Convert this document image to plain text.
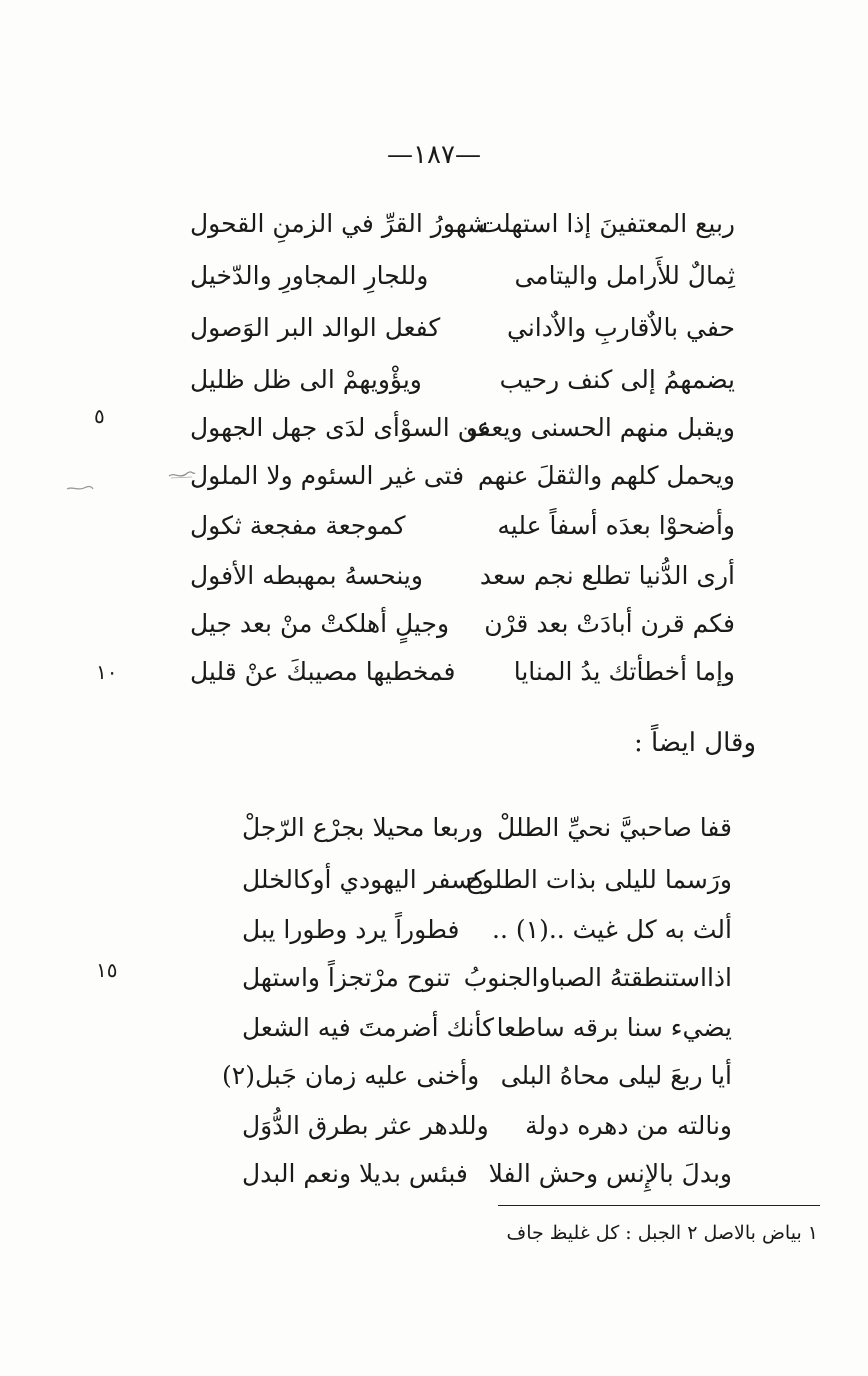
—١٨٧—
ربيع المعتفينَ إذا استهلت
شهورُ القرِّ في الزمنِ القحول
ثِمالٌ للأَرامل واليتامى
وللجارِ المجاورِ والدّخيل
حفي بالاٌقاربِ والاٌداني
كفعل الوالد البر الوَصول
يضمهمُ إلى كنف رحيب
ويؤْويهمْ الى ظل ظليل
ويقبل منهم الحسنى ويعفو
عن السوْأى لدَى جهل الجهول
ويحمل كلهم والثقلَ عنهم
فتى غير السئوم ولا الملول
وأضحوْا بعدَه أسفاً عليه
كموجعة مفجعة ثكول
أرى الدُّنيا تطلع نجم سعد
وينحسهُ بمهبطه الأفول
فكم قرن أبادَتْ بعد قرْن
وجيلٍ أهلكتْ منْ بعد جيل
وإما أخطأتك يدُ المنايا
فمخطيها مصيبكَ عنْ قليل
٥
١٠
١٥
وقال ايضاً :
قفا صاحبيَّ نحيِّ الطللْ
وربعا محيلا بجرْع الرّجلْ
ورَسما لليلى بذات الطلوح
كسفر اليهودي أوكالخلل
ألث به كل غيث ..(١) ..
فطوراً يرد وطورا يبل
اذااستنطقتهُ الصباوالجنوبُ
تنوح مرْتجزاً واستهل
يضيء سنا برقه ساطعا
كأنك أضرمتَ فيه الشعل
أيا ربعَ ليلى محاهُ البلى
وأخنى عليه زمان جَبل(٢)
ونالته من دهره دولة
وللدهر عثر بطرق الدُّوَل
وبدلَ بالإِنس وحش الفلا
فبئس بديلا ونعم البدل
١ بياض بالاصل ٢ الجبل : كل غليظ جاف
